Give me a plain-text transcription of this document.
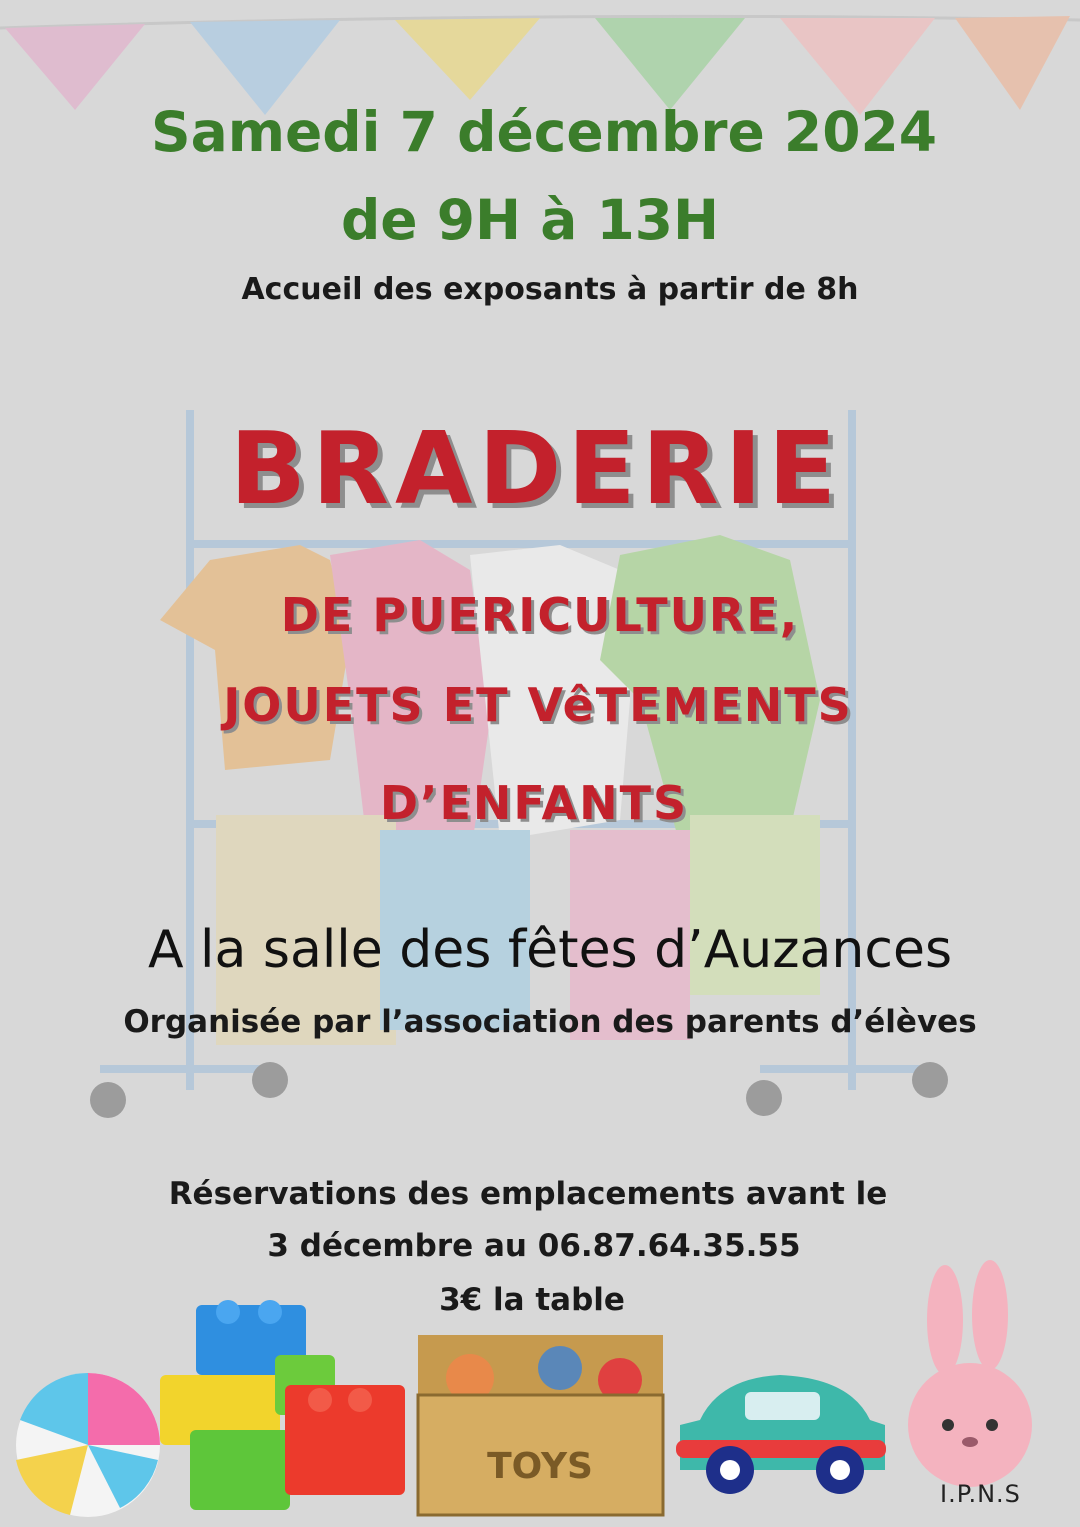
TOYS
Samedi 7 décembre 2024
de 9H à 13H
Accueil des exposants à partir de 8h
BRADERIE
DE PUERICULTURE,
JOUETS ET VêTEMENTS
D’ENFANTS
A la salle des fêtes d’Auzances
Organisée par l’association des parents d’élèves
Réservations des emplacements avant le
3 décembre au 06.87.64.35.55
3€ la table
I.P.N.S
